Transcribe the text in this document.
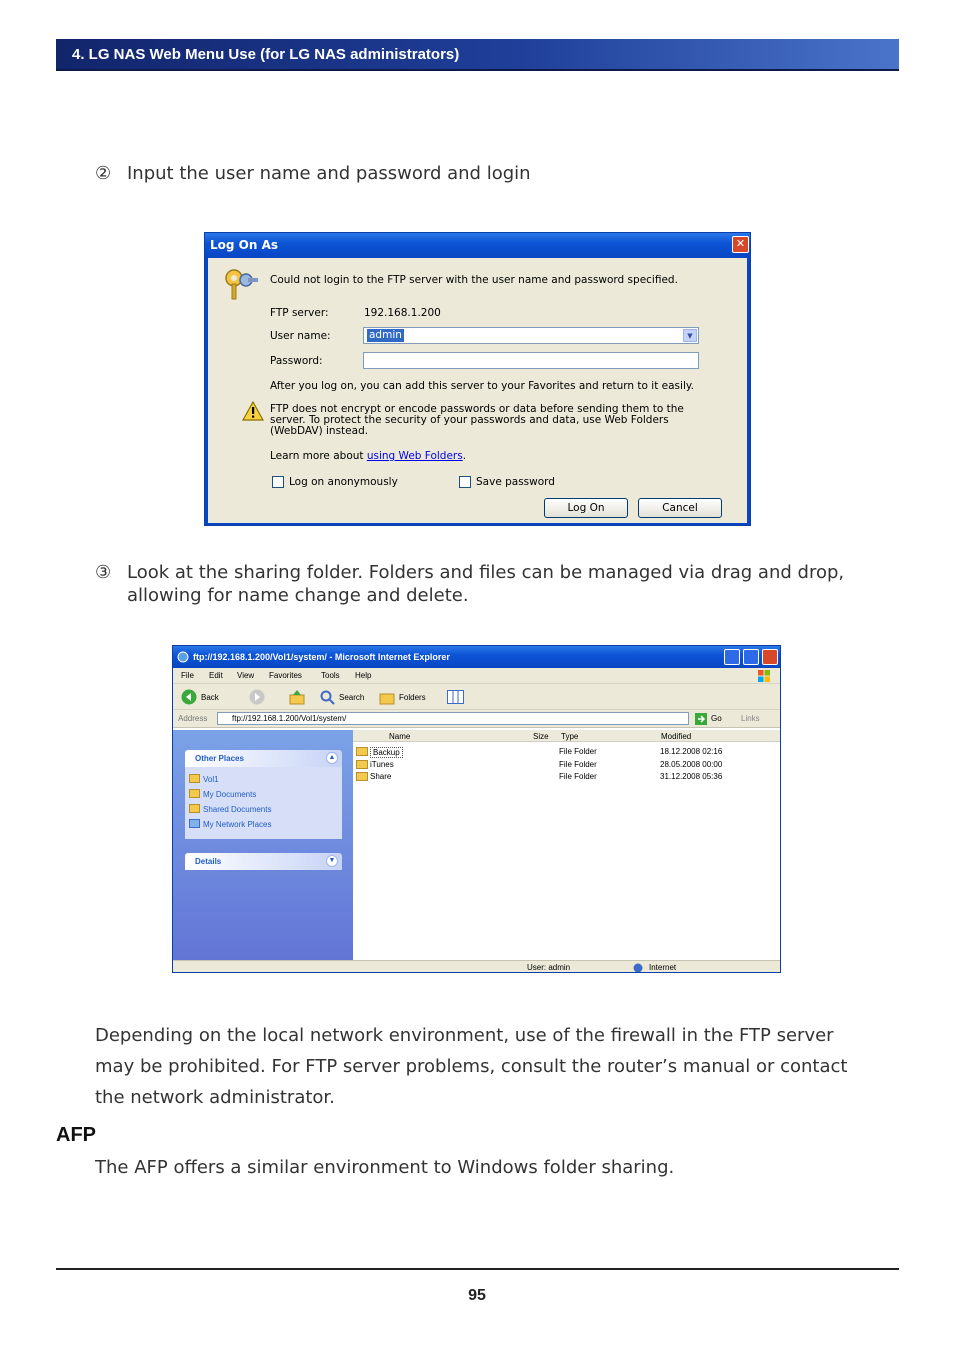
4. LG NAS Web Menu Use (for LG NAS administrators)
② Input the user name and password and login
Log On As	✕
Could not login to the FTP server with the user name and password specified.
FTP server:	192.168.1.200
User name:	admin	▼
Password:
After you log on, you can add this server to your Favorites and return to it easily.
FTP does not encrypt or encode passwords or data before sending them to the
server. To protect the security of your passwords and data, use Web Folders
(WebDAV) instead.
Learn more about using Web Folders.
Log on anonymously	Save password
Log On	Cancel
③ Look at the sharing folder. Folders and files can be managed via drag and drop,
allowing for name change and delete.
ftp://192.168.1.200/Vol1/system/ - Microsoft Internet Explorer
File Edit View Favorites Tools Help
Back	Search	Folders
Address	ftp://192.168.1.200/Vol1/system/	Go Links
Other Places	▲
Vol1
My Documents
Shared Documents
My Network Places
Details	▼
Name	Size Type	Modified
Backup	File Folder	18.12.2008 02:16
iTunes	File Folder	28.05.2008 00:00
Share	File Folder	31.12.2008 05:36
User: admin	Internet
Depending on the local network environment, use of the firewall in the FTP server
may be prohibited. For FTP server problems, consult the router’s manual or contact
the network administrator.
AFP
The AFP offers a similar environment to Windows folder sharing.
95
